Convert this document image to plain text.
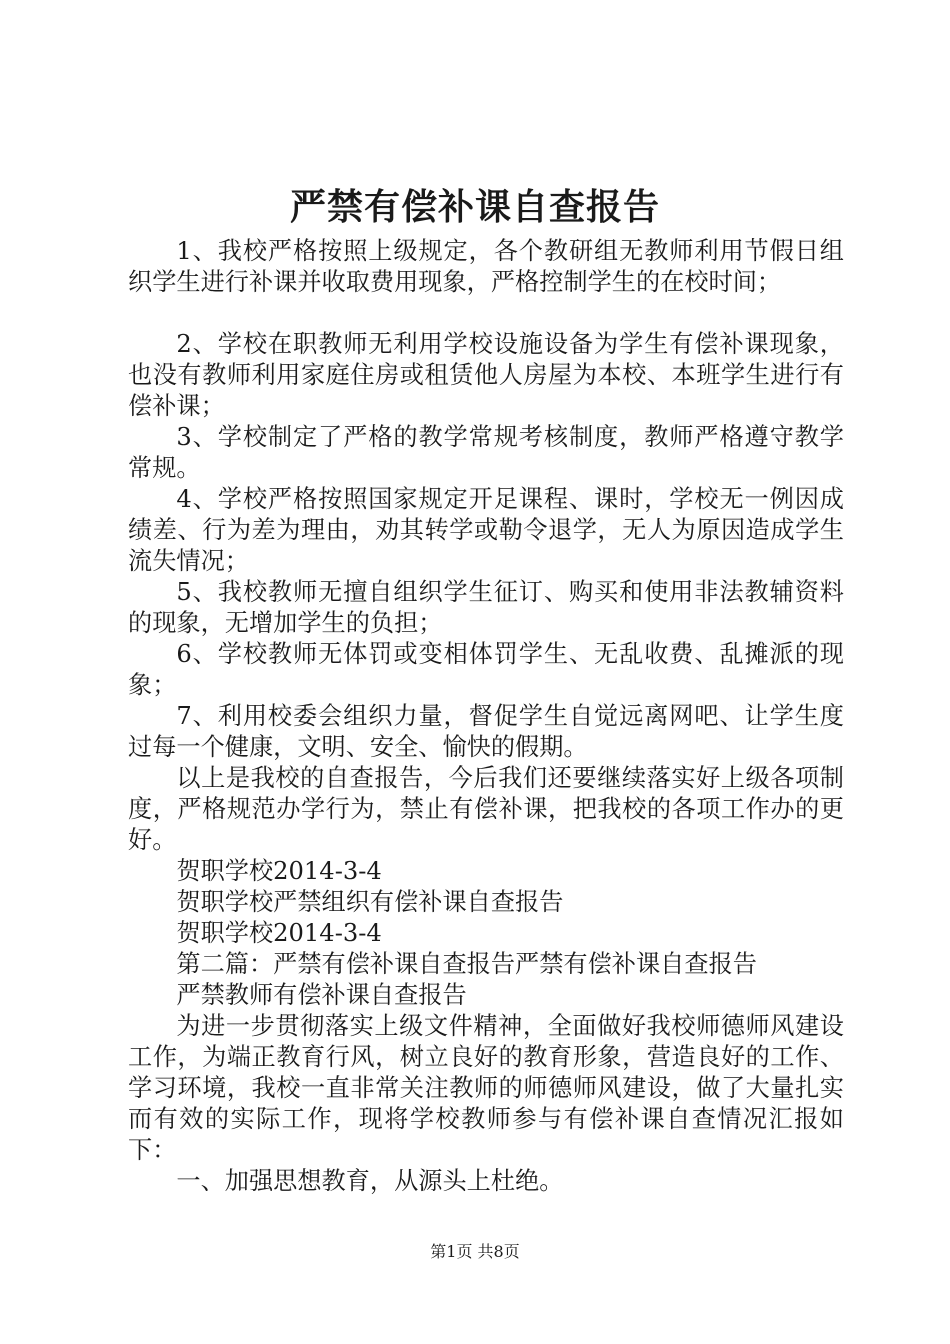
严禁有偿补课自查报告

1、我校严格按照上级规定，各个教研组无教师利用节假日组织学生进行补课并收取费用现象，严格控制学生的在校时间；

2、学校在职教师无利用学校设施设备为学生有偿补课现象，也没有教师利用家庭住房或租赁他人房屋为本校、本班学生进行有偿补课；

3、学校制定了严格的教学常规考核制度，教师严格遵守教学常规。

4、学校严格按照国家规定开足课程、课时，学校无一例因成绩差、行为差为理由，劝其转学或勒令退学，无人为原因造成学生流失情况；

5、我校教师无擅自组织学生征订、购买和使用非法教辅资料的现象，无增加学生的负担；

6、学校教师无体罚或变相体罚学生、无乱收费、乱摊派的现象；

7、利用校委会组织力量，督促学生自觉远离网吧、让学生度过每一个健康，文明、安全、愉快的假期。

以上是我校的自查报告，今后我们还要继续落实好上级各项制度，严格规范办学行为，禁止有偿补课，把我校的各项工作办的更好。

贺职学校2014-3-4

贺职学校严禁组织有偿补课自查报告

贺职学校2014-3-4

第二篇：严禁有偿补课自查报告严禁有偿补课自查报告

严禁教师有偿补课自查报告

为进一步贯彻落实上级文件精神，全面做好我校师德师风建设工作，为端正教育行风，树立良好的教育形象，营造良好的工作、学习环境，我校一直非常关注教师的师德师风建设，做了大量扎实而有效的实际工作，现将学校教师参与有偿补课自查情况汇报如下：

一、加强思想教育，从源头上杜绝。

第1页 共8页
